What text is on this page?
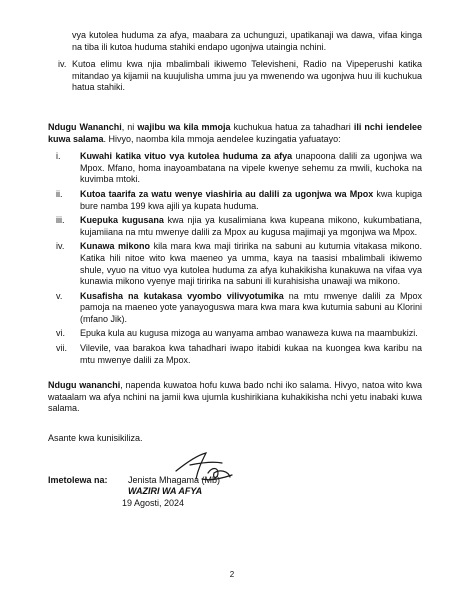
vya kutolea huduma za afya, maabara za uchunguzi, upatikanaji wa dawa, vifaa kinga na tiba ili kutoa huduma stahiki endapo ugonjwa utaingia nchini.
iv. Kutoa elimu kwa njia mbalimbali ikiwemo Televisheni, Radio na Vipeperushi katika mitandao ya kijamii na kuujulisha umma juu ya mwenendo wa ugonjwa huu ili kuchukua hatua stahiki.

Ndugu Wananchi, ni wajibu wa kila mmoja kuchukua hatua za tahadhari ili nchi iendelee kuwa salama. Hivyo, naomba kila mmoja aendelee kuzingatia yafuatayo:

i.	Kuwahi katika vituo vya kutolea huduma za afya unapoona dalili za ugonjwa wa Mpox. Mfano, homa inayoambatana na vipele kwenye sehemu za mwili, kuchoka na kuvimba mtoki.
ii.	Kutoa taarifa za watu wenye viashiria au dalili za ugonjwa wa Mpox kwa kupiga bure namba 199 kwa ajili ya kupata huduma.
iii.	Kuepuka kugusana kwa njia ya kusalimiana kwa kupeana mikono, kukumbatiana, kujamiiana na mtu mwenye dalili za Mpox au kugusa majimaji ya mgonjwa wa Mpox.
iv.	Kunawa mikono kila mara kwa maji tiririka na sabuni au kutumia vitakasa mikono. Katika hili nitoe wito kwa maeneo ya umma, kaya na taasisi mbalimbali ikiwemo shule, vyuo na vituo vya kutolea huduma za afya kuhakikisha kunakuwa na vifaa vya kunawia mikono vyenye maji tiririka na sabuni ili kurahisisha unawaji wa mikono.
v.	Kusafisha na kutakasa vyombo vilivyotumika na mtu mwenye dalili za Mpox pamoja na maeneo yote yanayoguswa mara kwa mara kwa kutumia sabuni au Klorini (mfano Jik).
vi.	Epuka kula au kugusa mizoga au wanyama ambao wanaweza kuwa na maambukizi.
vii.	Vilevile, vaa barakoa kwa tahadhari iwapo itabidi kukaa na kuongea kwa karibu na mtu mwenye dalili za Mpox.

Ndugu wananchi, napenda kuwatoa hofu kuwa bado nchi iko salama. Hivyo, natoa wito kwa wataalam wa afya nchini na jamii kwa ujumla kushirikiana kuhakikisha nchi yetu inabaki kuwa salama.

Asante kwa kunisikiliza.

Imetolewa na:	Jenista Mhagama (Mb)
WAZIRI WA AFYA
19 Agosti, 2024
2
